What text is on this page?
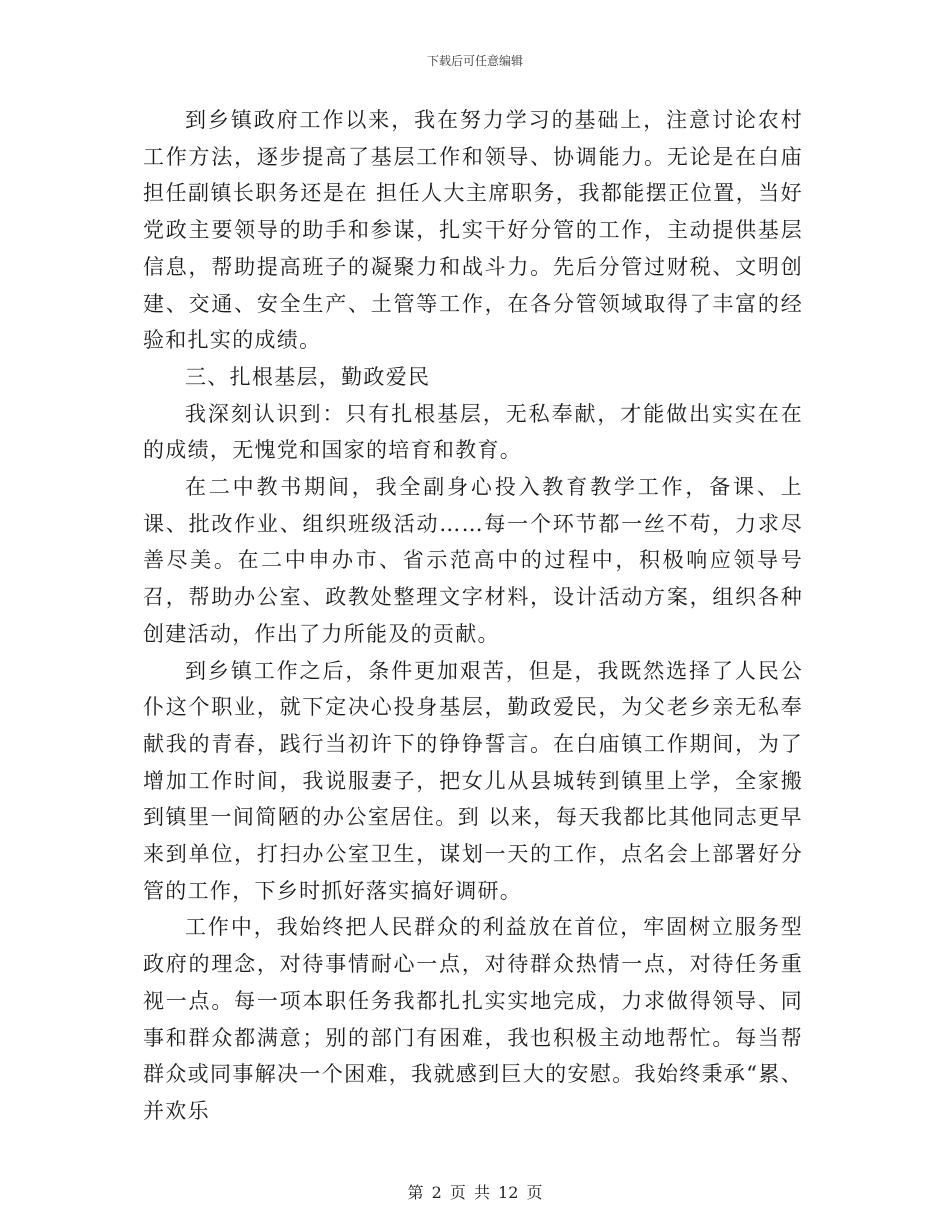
下载后可任意编辑

到乡镇政府工作以来，我在努力学习的基础上，注意讨论农村工作方法，逐步提高了基层工作和领导、协调能力。无论是在白庙担任副镇长职务还是在 担任人大主席职务，我都能摆正位置，当好党政主要领导的助手和参谋，扎实干好分管的工作，主动提供基层信息，帮助提高班子的凝聚力和战斗力。先后分管过财税、文明创建、交通、安全生产、土管等工作，在各分管领域取得了丰富的经验和扎实的成绩。

三、扎根基层，勤政爱民

我深刻认识到：只有扎根基层，无私奉献，才能做出实实在在的成绩，无愧党和国家的培育和教育。

在二中教书期间，我全副身心投入教育教学工作，备课、上课、批改作业、组织班级活动……每一个环节都一丝不苟，力求尽善尽美。在二中申办市、省示范高中的过程中，积极响应领导号召，帮助办公室、政教处整理文字材料，设计活动方案，组织各种创建活动，作出了力所能及的贡献。

到乡镇工作之后，条件更加艰苦，但是，我既然选择了人民公仆这个职业，就下定决心投身基层，勤政爱民，为父老乡亲无私奉献我的青春，践行当初许下的铮铮誓言。在白庙镇工作期间，为了增加工作时间，我说服妻子，把女儿从县城转到镇里上学，全家搬到镇里一间简陋的办公室居住。到 以来，每天我都比其他同志更早来到单位，打扫办公室卫生，谋划一天的工作，点名会上部署好分管的工作，下乡时抓好落实搞好调研。

工作中，我始终把人民群众的利益放在首位，牢固树立服务型政府的理念，对待事情耐心一点，对待群众热情一点，对待任务重视一点。每一项本职任务我都扎扎实实地完成，力求做得领导、同事和群众都满意；别的部门有困难，我也积极主动地帮忙。每当帮群众或同事解决一个困难，我就感到巨大的安慰。我始终秉承“累、并欢乐

第 2 页 共 12 页
